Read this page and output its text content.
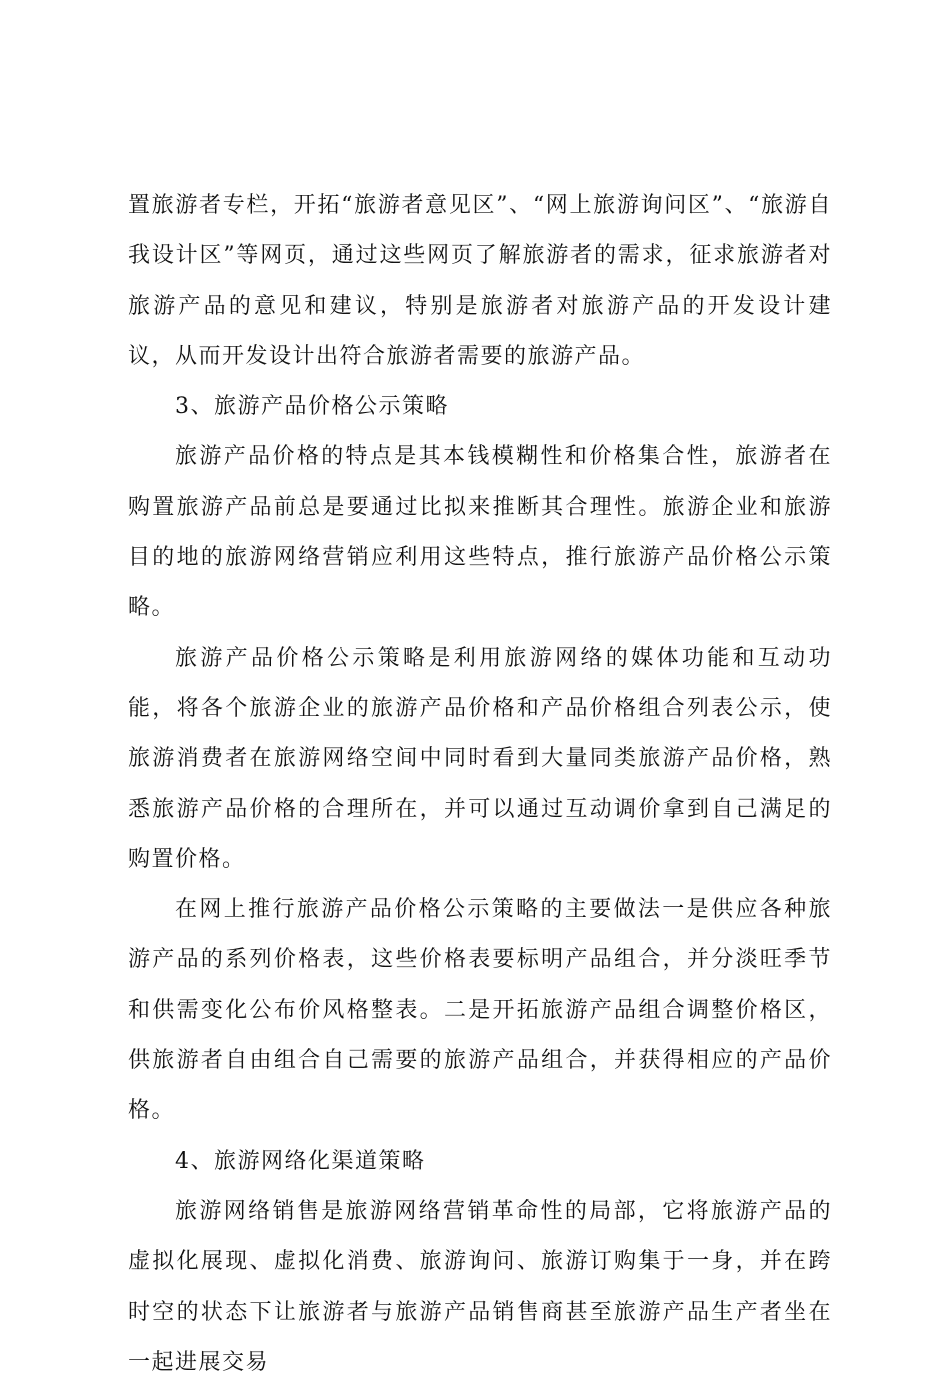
置旅游者专栏，开拓“旅游者意见区”、“网上旅游询问区”、“旅游自我设计区”等网页，通过这些网页了解旅游者的需求，征求旅游者对旅游产品的意见和建议，特别是旅游者对旅游产品的开发设计建议，从而开发设计出符合旅游者需要的旅游产品。

3、旅游产品价格公示策略

旅游产品价格的特点是其本钱模糊性和价格集合性，旅游者在购置旅游产品前总是要通过比拟来推断其合理性。旅游企业和旅游目的地的旅游网络营销应利用这些特点，推行旅游产品价格公示策略。

旅游产品价格公示策略是利用旅游网络的媒体功能和互动功能，将各个旅游企业的旅游产品价格和产品价格组合列表公示，使旅游消费者在旅游网络空间中同时看到大量同类旅游产品价格，熟悉旅游产品价格的合理所在，并可以通过互动调价拿到自己满足的购置价格。

在网上推行旅游产品价格公示策略的主要做法一是供应各种旅游产品的系列价格表，这些价格表要标明产品组合，并分淡旺季节和供需变化公布价风格整表。二是开拓旅游产品组合调整价格区，供旅游者自由组合自己需要的旅游产品组合，并获得相应的产品价格。

4、旅游网络化渠道策略

旅游网络销售是旅游网络营销革命性的局部，它将旅游产品的虚拟化展现、虚拟化消费、旅游询问、旅游订购集于一身，并在跨时空的状态下让旅游者与旅游产品销售商甚至旅游产品生产者坐在一起进展交易
